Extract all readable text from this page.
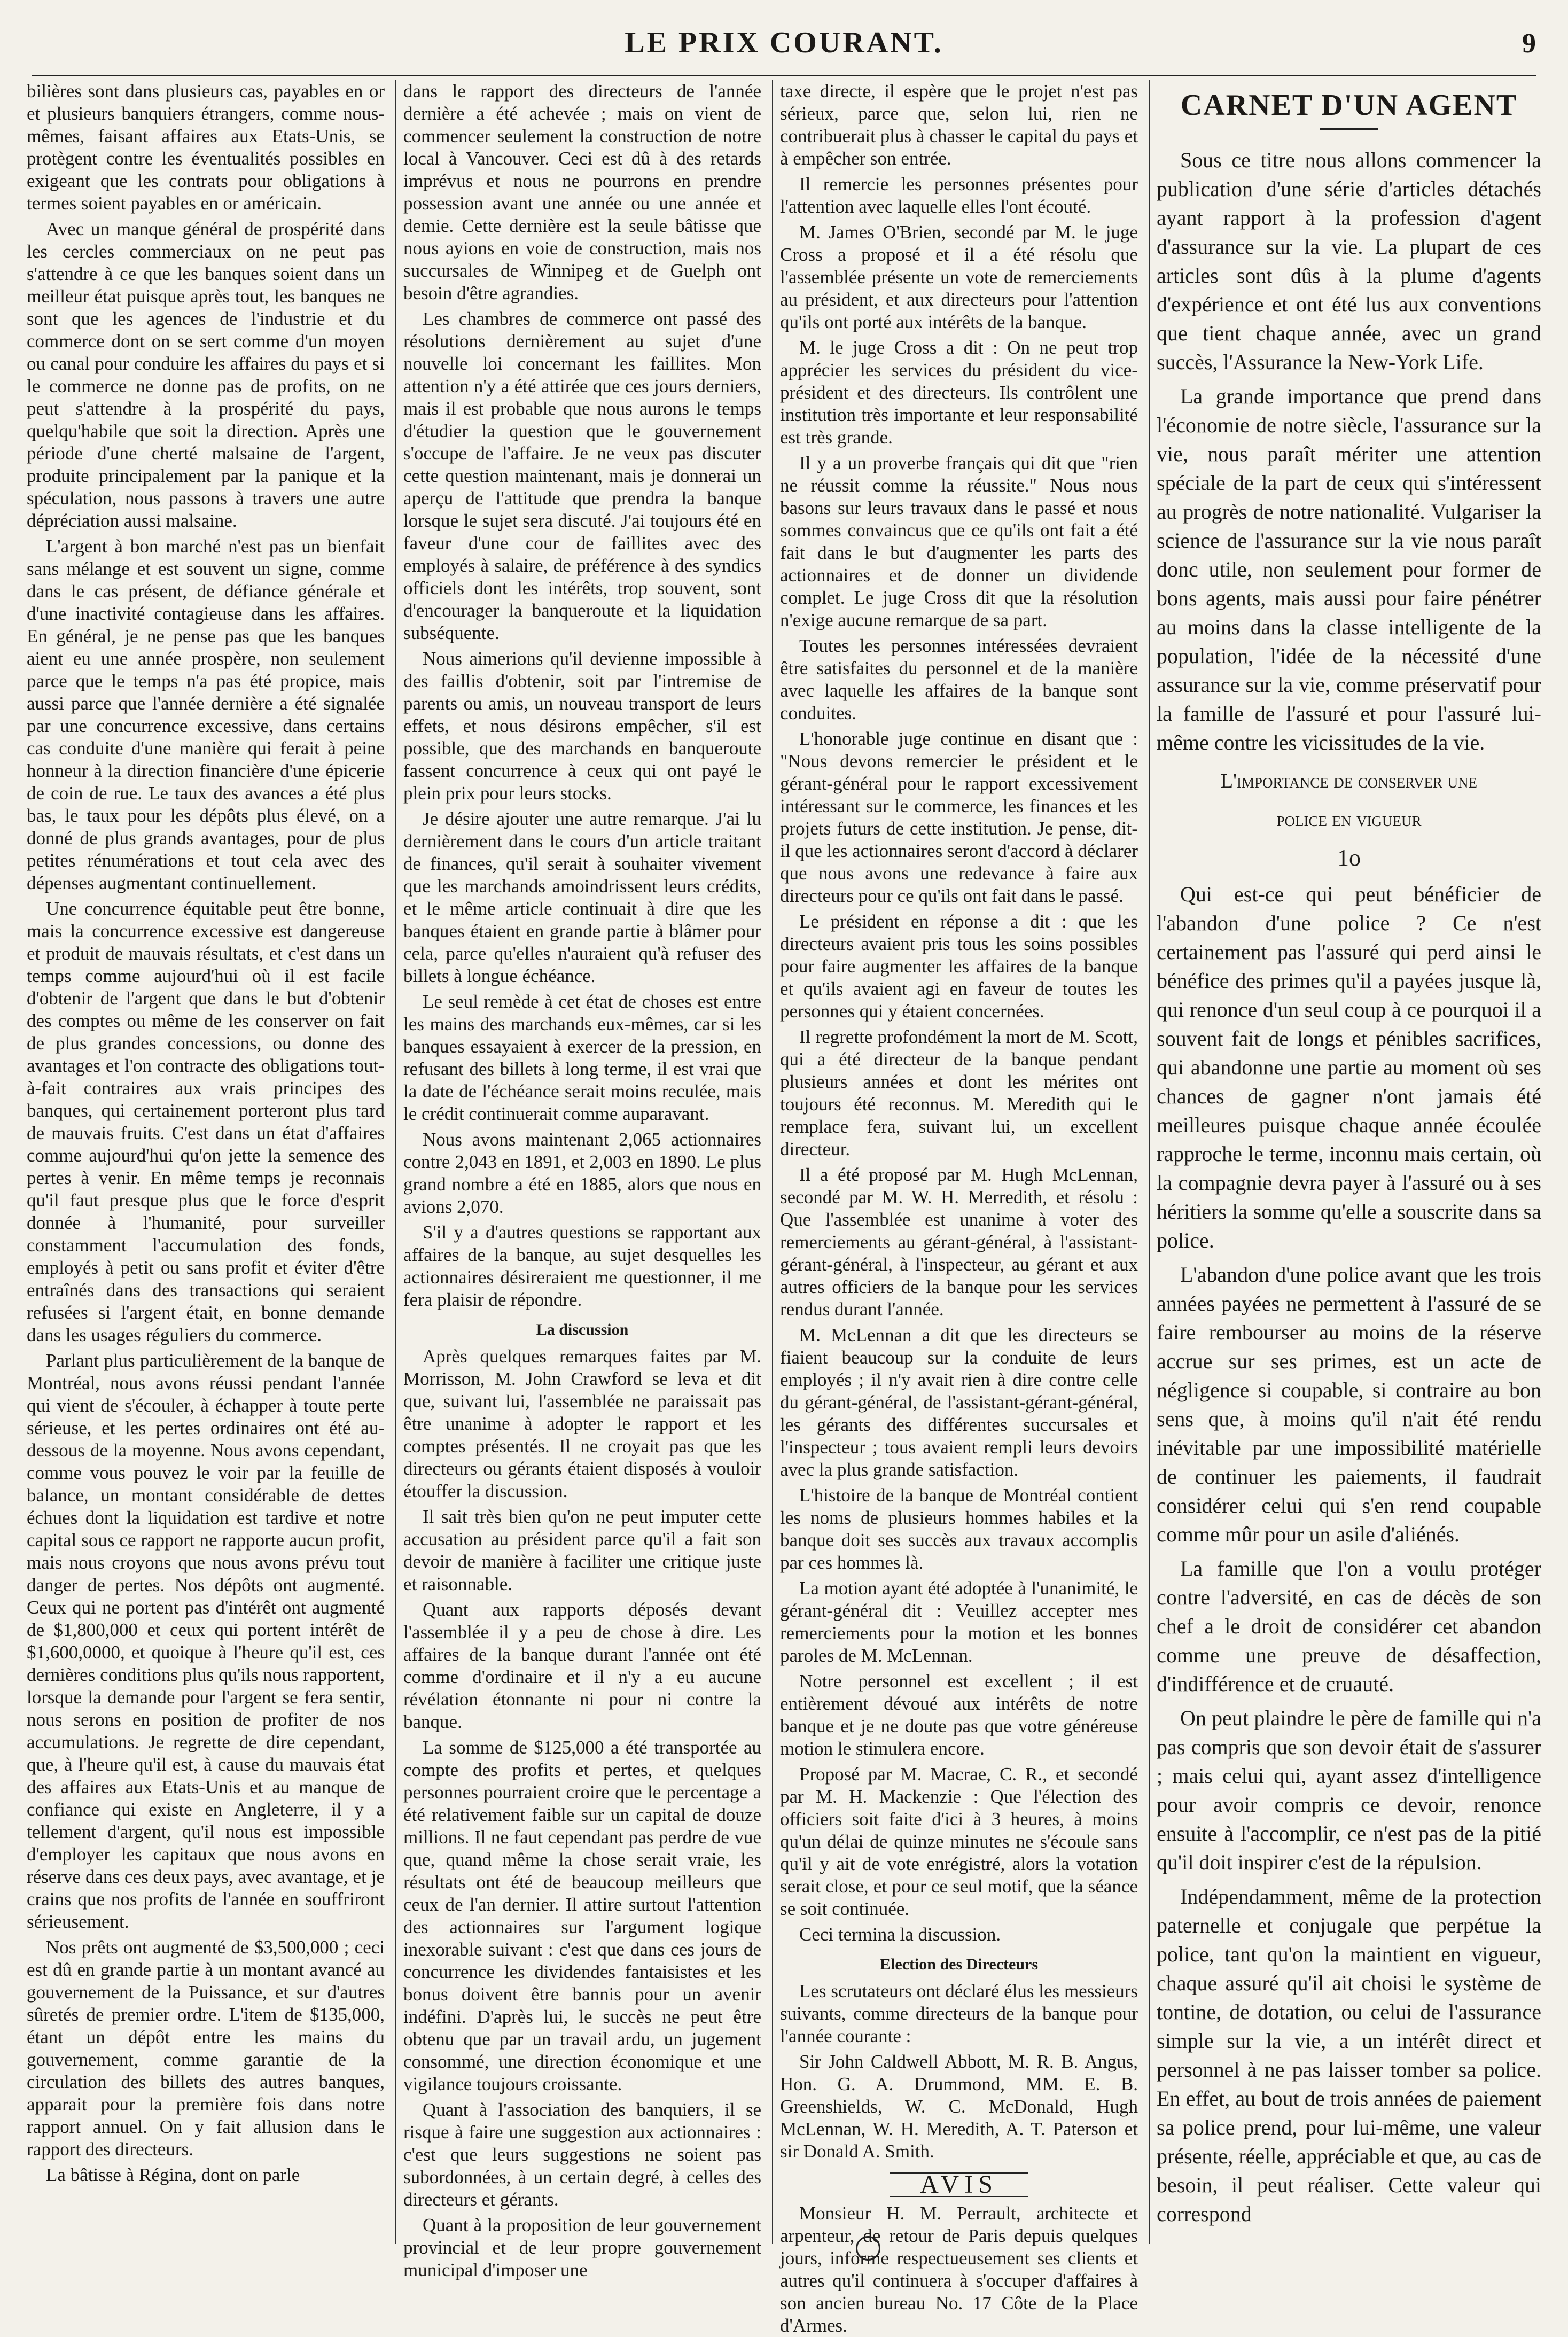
LE PRIX COURANT.	9

bilières sont dans plusieurs cas, payables en or et plusieurs banquiers étrangers, comme nous-mêmes, faisant affaires aux Etats-Unis, se protègent contre les éventualités possibles en exigeant que les contrats pour obligations à termes soient payables en or américain.

Avec un manque général de prospérité dans les cercles commerciaux on ne peut pas s'attendre à ce que les banques soient dans un meilleur état puisque après tout, les banques ne sont que les agences de l'industrie et du commerce dont on se sert comme d'un moyen ou canal pour conduire les affaires du pays et si le commerce ne donne pas de profits, on ne peut s'attendre à la prospérité du pays, quelqu'habile que soit la direction. Après une période d'une cherté malsaine de l'argent, produite principalement par la panique et la spéculation, nous passons à travers une autre dépréciation aussi malsaine.

L'argent à bon marché n'est pas un bienfait sans mélange et est souvent un signe, comme dans le cas présent, de défiance générale et d'une inactivité contagieuse dans les affaires. En général, je ne pense pas que les banques aient eu une année prospère, non seulement parce que le temps n'a pas été propice, mais aussi parce que l'année dernière a été signalée par une concurrence excessive, dans certains cas conduite d'une manière qui ferait à peine honneur à la direction financière d'une épicerie de coin de rue. Le taux des avances a été plus bas, le taux pour les dépôts plus élevé, on a donné de plus grands avantages, pour de plus petites rénumérations et tout cela avec des dépenses augmentant continuellement.

Une concurrence équitable peut être bonne, mais la concurrence excessive est dangereuse et produit de mauvais résultats, et c'est dans un temps comme aujourd'hui où il est facile d'obtenir de l'argent que dans le but d'obtenir des comptes ou même de les conserver on fait de plus grandes concessions, ou donne des avantages et l'on contracte des obligations tout-à-fait contraires aux vrais principes des banques, qui certainement porteront plus tard de mauvais fruits. C'est dans un état d'affaires comme aujourd'hui qu'on jette la semence des pertes à venir. En même temps je reconnais qu'il faut presque plus que le force d'esprit donnée à l'humanité, pour surveiller constamment l'accumulation des fonds, employés à petit ou sans profit et éviter d'être entraînés dans des transactions qui seraient refusées si l'argent était, en bonne demande dans les usages réguliers du commerce.

Parlant plus particulièrement de la banque de Montréal, nous avons réussi pendant l'année qui vient de s'écouler, à échapper à toute perte sérieuse, et les pertes ordinaires ont été au-dessous de la moyenne. Nous avons cependant, comme vous pouvez le voir par la feuille de balance, un montant considérable de dettes échues dont la liquidation est tardive et notre capital sous ce rapport ne rapporte aucun profit, mais nous croyons que nous avons prévu tout danger de pertes. Nos dépôts ont augmenté. Ceux qui ne portent pas d'intérêt ont augmenté de $1,800,000 et ceux qui portent intérêt de $1,600,0000, et quoique à l'heure qu'il est, ces dernières conditions plus qu'ils nous rapportent, lorsque la demande pour l'argent se fera sentir, nous serons en position de profiter de nos accumulations. Je regrette de dire cependant, que, à l'heure qu'il est, à cause du mauvais état des affaires aux Etats-Unis et au manque de confiance qui existe en Angleterre, il y a tellement d'argent, qu'il nous est impossible d'employer les capitaux que nous avons en réserve dans ces deux pays, avec avantage, et je crains que nos profits de l'année en souffriront sérieusement.

Nos prêts ont augmenté de $3,500,000 ; ceci est dû en grande partie à un montant avancé au gouvernement de la Puissance, et sur d'autres sûretés de premier ordre. L'item de $135,000, étant un dépôt entre les mains du gouvernement, comme garantie de la circulation des billets des autres banques, apparait pour la première fois dans notre rapport annuel. On y fait allusion dans le rapport des directeurs.

La bâtisse à Régina, dont on parle

dans le rapport des directeurs de l'année dernière a été achevée ; mais on vient de commencer seulement la construction de notre local à Vancouver. Ceci est dû à des retards imprévus et nous ne pourrons en prendre possession avant une année ou une année et demie. Cette dernière est la seule bâtisse que nous ayions en voie de construction, mais nos succursales de Winnipeg et de Guelph ont besoin d'être agrandies.

Les chambres de commerce ont passé des résolutions dernièrement au sujet d'une nouvelle loi concernant les faillites. Mon attention n'y a été attirée que ces jours derniers, mais il est probable que nous aurons le temps d'étudier la question que le gouvernement s'occupe de l'affaire. Je ne veux pas discuter cette question maintenant, mais je donnerai un aperçu de l'attitude que prendra la banque lorsque le sujet sera discuté. J'ai toujours été en faveur d'une cour de faillites avec des employés à salaire, de préférence à des syndics officiels dont les intérêts, trop souvent, sont d'encourager la banqueroute et la liquidation subséquente.

Nous aimerions qu'il devienne impossible à des faillis d'obtenir, soit par l'intremise de parents ou amis, un nouveau transport de leurs effets, et nous désirons empêcher, s'il est possible, que des marchands en banqueroute fassent concurrence à ceux qui ont payé le plein prix pour leurs stocks.

Je désire ajouter une autre remarque. J'ai lu dernièrement dans le cours d'un article traitant de finances, qu'il serait à souhaiter vivement que les marchands amoindrissent leurs crédits, et le même article continuait à dire que les banques étaient en grande partie à blâmer pour cela, parce qu'elles n'auraient qu'à refuser des billets à longue échéance.

Le seul remède à cet état de choses est entre les mains des marchands eux-mêmes, car si les banques essayaient à exercer de la pression, en refusant des billets à long terme, il est vrai que la date de l'échéance serait moins reculée, mais le crédit continuerait comme auparavant.

Nous avons maintenant 2,065 actionnaires contre 2,043 en 1891, et 2,003 en 1890. Le plus grand nombre a été en 1885, alors que nous en avions 2,070.

S'il y a d'autres questions se rapportant aux affaires de la banque, au sujet desquelles les actionnaires désireraient me questionner, il me fera plaisir de répondre.

La discussion

Après quelques remarques faites par M. Morrisson, M. John Crawford se leva et dit que, suivant lui, l'assemblée ne paraissait pas être unanime à adopter le rapport et les comptes présentés. Il ne croyait pas que les directeurs ou gérants étaient disposés à vouloir étouffer la discussion.

Il sait très bien qu'on ne peut imputer cette accusation au président parce qu'il a fait son devoir de manière à faciliter une critique juste et raisonnable.

Quant aux rapports déposés devant l'assemblée il y a peu de chose à dire. Les affaires de la banque durant l'année ont été comme d'ordinaire et il n'y a eu aucune révélation étonnante ni pour ni contre la banque.

La somme de $125,000 a été transportée au compte des profits et pertes, et quelques personnes pourraient croire que le percentage a été relativement faible sur un capital de douze millions. Il ne faut cependant pas perdre de vue que, quand même la chose serait vraie, les résultats ont été de beaucoup meilleurs que ceux de l'an dernier. Il attire surtout l'attention des actionnaires sur l'argument logique inexorable suivant : c'est que dans ces jours de concurrence les dividendes fantaisistes et les bonus doivent être bannis pour un avenir indéfini. D'après lui, le succès ne peut être obtenu que par un travail ardu, un jugement consommé, une direction économique et une vigilance toujours croissante.

Quant à l'association des banquiers, il se risque à faire une suggestion aux actionnaires : c'est que leurs suggestions ne soient pas subordonnées, à un certain degré, à celles des directeurs et gérants.

Quant à la proposition de leur gouvernement provincial et de leur propre gouvernement municipal d'imposer une

taxe directe, il espère que le projet n'est pas sérieux, parce que, selon lui, rien ne contribuerait plus à chasser le capital du pays et à empêcher son entrée.

Il remercie les personnes présentes pour l'attention avec laquelle elles l'ont écouté.

M. James O'Brien, secondé par M. le juge Cross a proposé et il a été résolu que l'assemblée présente un vote de remerciements au président, et aux directeurs pour l'attention qu'ils ont porté aux intérêts de la banque.

M. le juge Cross a dit : On ne peut trop apprécier les services du président du vice-président et des directeurs. Ils contrôlent une institution très importante et leur responsabilité est très grande.

Il y a un proverbe français qui dit que "rien ne réussit comme la réussite." Nous nous basons sur leurs travaux dans le passé et nous sommes convaincus que ce qu'ils ont fait a été fait dans le but d'augmenter les parts des actionnaires et de donner un dividende complet. Le juge Cross dit que la résolution n'exige aucune remarque de sa part.

Toutes les personnes intéressées devraient être satisfaites du personnel et de la manière avec laquelle les affaires de la banque sont conduites.

L'honorable juge continue en disant que : "Nous devons remercier le président et le gérant-général pour le rapport excessivement intéressant sur le commerce, les finances et les projets futurs de cette institution. Je pense, dit-il que les actionnaires seront d'accord à déclarer que nous avons une redevance à faire aux directeurs pour ce qu'ils ont fait dans le passé.

Le président en réponse a dit : que les directeurs avaient pris tous les soins possibles pour faire augmenter les affaires de la banque et qu'ils avaient agi en faveur de toutes les personnes qui y étaient concernées.

Il regrette profondément la mort de M. Scott, qui a été directeur de la banque pendant plusieurs années et dont les mérites ont toujours été reconnus. M. Meredith qui le remplace fera, suivant lui, un excellent directeur.

Il a été proposé par M. Hugh McLennan, secondé par M. W. H. Merredith, et résolu : Que l'assemblée est unanime à voter des remerciements au gérant-général, à l'assistant-gérant-général, à l'inspecteur, au gérant et aux autres officiers de la banque pour les services rendus durant l'année.

M. McLennan a dit que les directeurs se fiaient beaucoup sur la conduite de leurs employés ; il n'y avait rien à dire contre celle du gérant-général, de l'assistant-gérant-général, les gérants des différentes succursales et l'inspecteur ; tous avaient rempli leurs devoirs avec la plus grande satisfaction.

L'histoire de la banque de Montréal contient les noms de plusieurs hommes habiles et la banque doit ses succès aux travaux accomplis par ces hommes là.

La motion ayant été adoptée à l'unanimité, le gérant-général dit : Veuillez accepter mes remerciements pour la motion et les bonnes paroles de M. McLennan.

Notre personnel est excellent ; il est entièrement dévoué aux intérêts de notre banque et je ne doute pas que votre généreuse motion le stimulera encore.

Proposé par M. Macrae, C. R., et secondé par M. H. Mackenzie : Que l'élection des officiers soit faite d'ici à 3 heures, à moins qu'un délai de quinze minutes ne s'écoule sans qu'il y ait de vote enrégistré, alors la votation serait close, et pour ce seul motif, que la séance se soit continuée.

Ceci termina la discussion.

Election des Directeurs

Les scrutateurs ont déclaré élus les messieurs suivants, comme directeurs de la banque pour l'année courante :

Sir John Caldwell Abbott, M. R. B. Angus, Hon. G. A. Drummond, MM. E. B. Greenshields, W. C. McDonald, Hugh McLennan, W. H. Meredith, A. T. Paterson et sir Donald A. Smith.

AVIS

Monsieur H. M. Perrault, architecte et arpenteur, de retour de Paris depuis quelques jours, informe respectueusement ses clients et autres qu'il continuera à s'occuper d'affaires à son ancien bureau No. 17 Côte de la Place d'Armes.

CARNET D'UN AGENT

Sous ce titre nous allons commencer la publication d'une série d'articles détachés ayant rapport à la profession d'agent d'assurance sur la vie. La plupart de ces articles sont dûs à la plume d'agents d'expérience et ont été lus aux conventions que tient chaque année, avec un grand succès, l'Assurance la New-York Life.

La grande importance que prend dans l'économie de notre siècle, l'assurance sur la vie, nous paraît mériter une attention spéciale de la part de ceux qui s'intéressent au progrès de notre nationalité. Vulgariser la science de l'assurance sur la vie nous paraît donc utile, non seulement pour former de bons agents, mais aussi pour faire pénétrer au moins dans la classe intelligente de la population, l'idée de la nécessité d'une assurance sur la vie, comme préservatif pour la famille de l'assuré et pour l'assuré lui-même contre les vicissitudes de la vie.

L'importance de conserver une
police en vigueur
1o

Qui est-ce qui peut bénéficier de l'abandon d'une police ? Ce n'est certainement pas l'assuré qui perd ainsi le bénéfice des primes qu'il a payées jusque là, qui renonce d'un seul coup à ce pourquoi il a souvent fait de longs et pénibles sacrifices, qui abandonne une partie au moment où ses chances de gagner n'ont jamais été meilleures puisque chaque année écoulée rapproche le terme, inconnu mais certain, où la compagnie devra payer à l'assuré ou à ses héritiers la somme qu'elle a souscrite dans sa police.

L'abandon d'une police avant que les trois années payées ne permettent à l'assuré de se faire rembourser au moins de la réserve accrue sur ses primes, est un acte de négligence si coupable, si contraire au bon sens que, à moins qu'il n'ait été rendu inévitable par une impossibilité matérielle de continuer les paiements, il faudrait considérer celui qui s'en rend coupable comme mûr pour un asile d'aliénés.

La famille que l'on a voulu protéger contre l'adversité, en cas de décès de son chef a le droit de considérer cet abandon comme une preuve de désaffection, d'indifférence et de cruauté.

On peut plaindre le père de famille qui n'a pas compris que son devoir était de s'assurer ; mais celui qui, ayant assez d'intelligence pour avoir compris ce devoir, renonce ensuite à l'accomplir, ce n'est pas de la pitié qu'il doit inspirer c'est de la répulsion.

Indépendamment, même de la protection paternelle et conjugale que perpétue la police, tant qu'on la maintient en vigueur, chaque assuré qu'il ait choisi le système de tontine, de dotation, ou celui de l'assurance simple sur la vie, a un intérêt direct et personnel à ne pas laisser tomber sa police. En effet, au bout de trois années de paiement sa police prend, pour lui-même, une valeur présente, réelle, appréciable et que, au cas de besoin, il peut réaliser. Cette valeur qui correspond
